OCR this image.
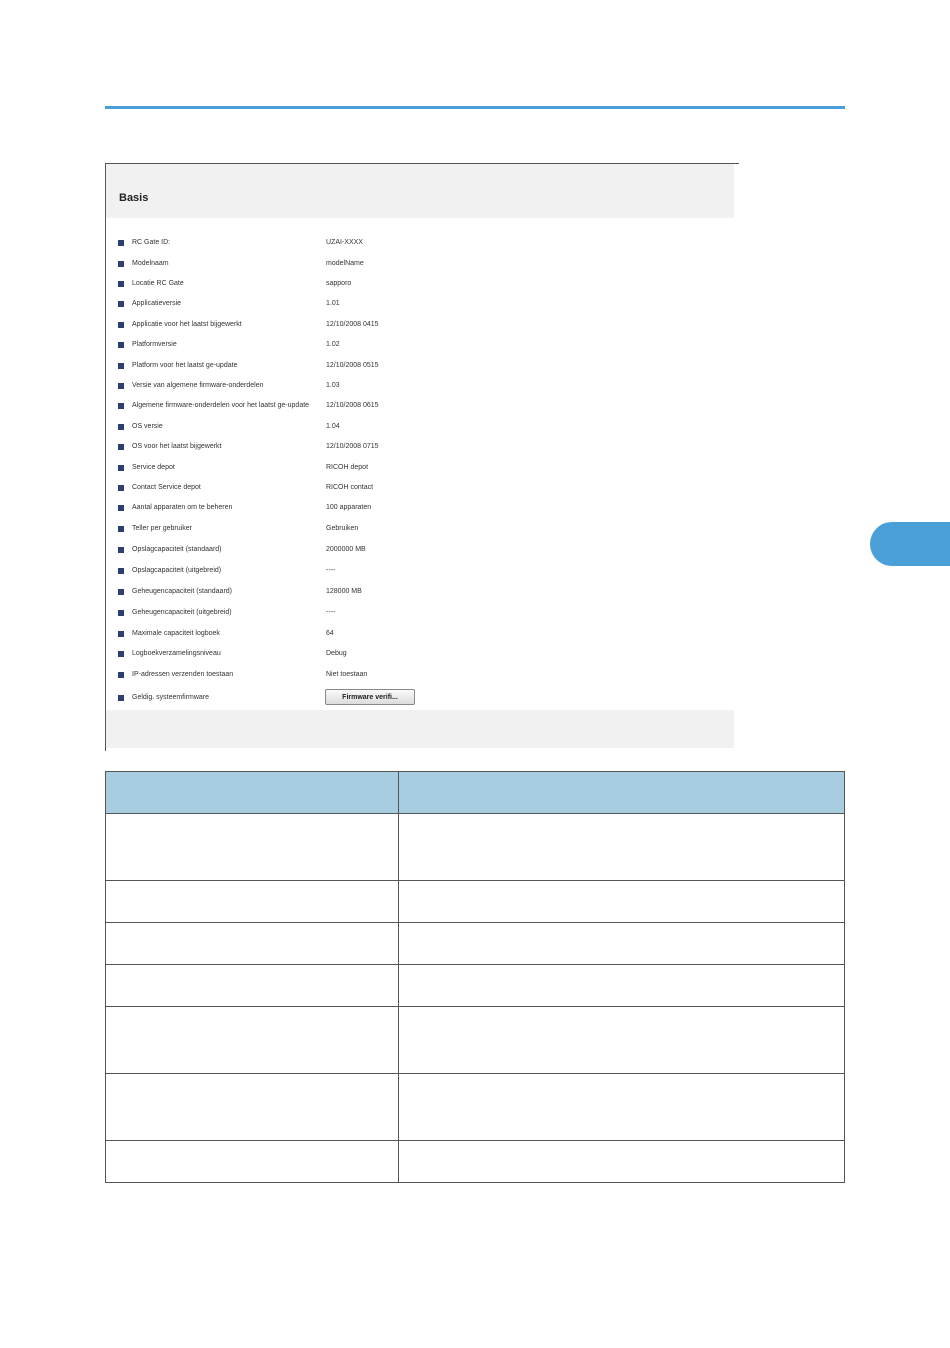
Basis
RC Gate ID:	UZAI-XXXX
Modelnaam	modelName
Locatie RC Gate	sapporo
Applicatieversie	1.01
Applicatie voor het laatst bijgewerkt	12/10/2008 0415
Platformversie	1.02
Platform voor het laatst ge-update	12/10/2008 0515
Versie van algemene firmware-onderdelen	1.03
Algemene firmware-onderdelen voor het laatst ge-update 12/10/2008 0615
OS versie	1.04
OS voor het laatst bijgewerkt	12/10/2008 0715
Service depot	RICOH depot
Contact Service depot	RICOH contact
Aantal apparaten om te beheren	100 apparaten
Teller per gebruiker	Gebruiken
Opslagcapaciteit (standaard)	2000000 MB
Opslagcapaciteit (uitgebreid)	----
Geheugencapaciteit (standaard)	128000 MB
Geheugencapaciteit (uitgebreid)	----
Maximale capaciteit logboek	64
Logboekverzamelingsniveau	Debug
IP-adressen verzenden toestaan	Niet toestaan
Geldig. systeemfirmware	Firmware verifi...
